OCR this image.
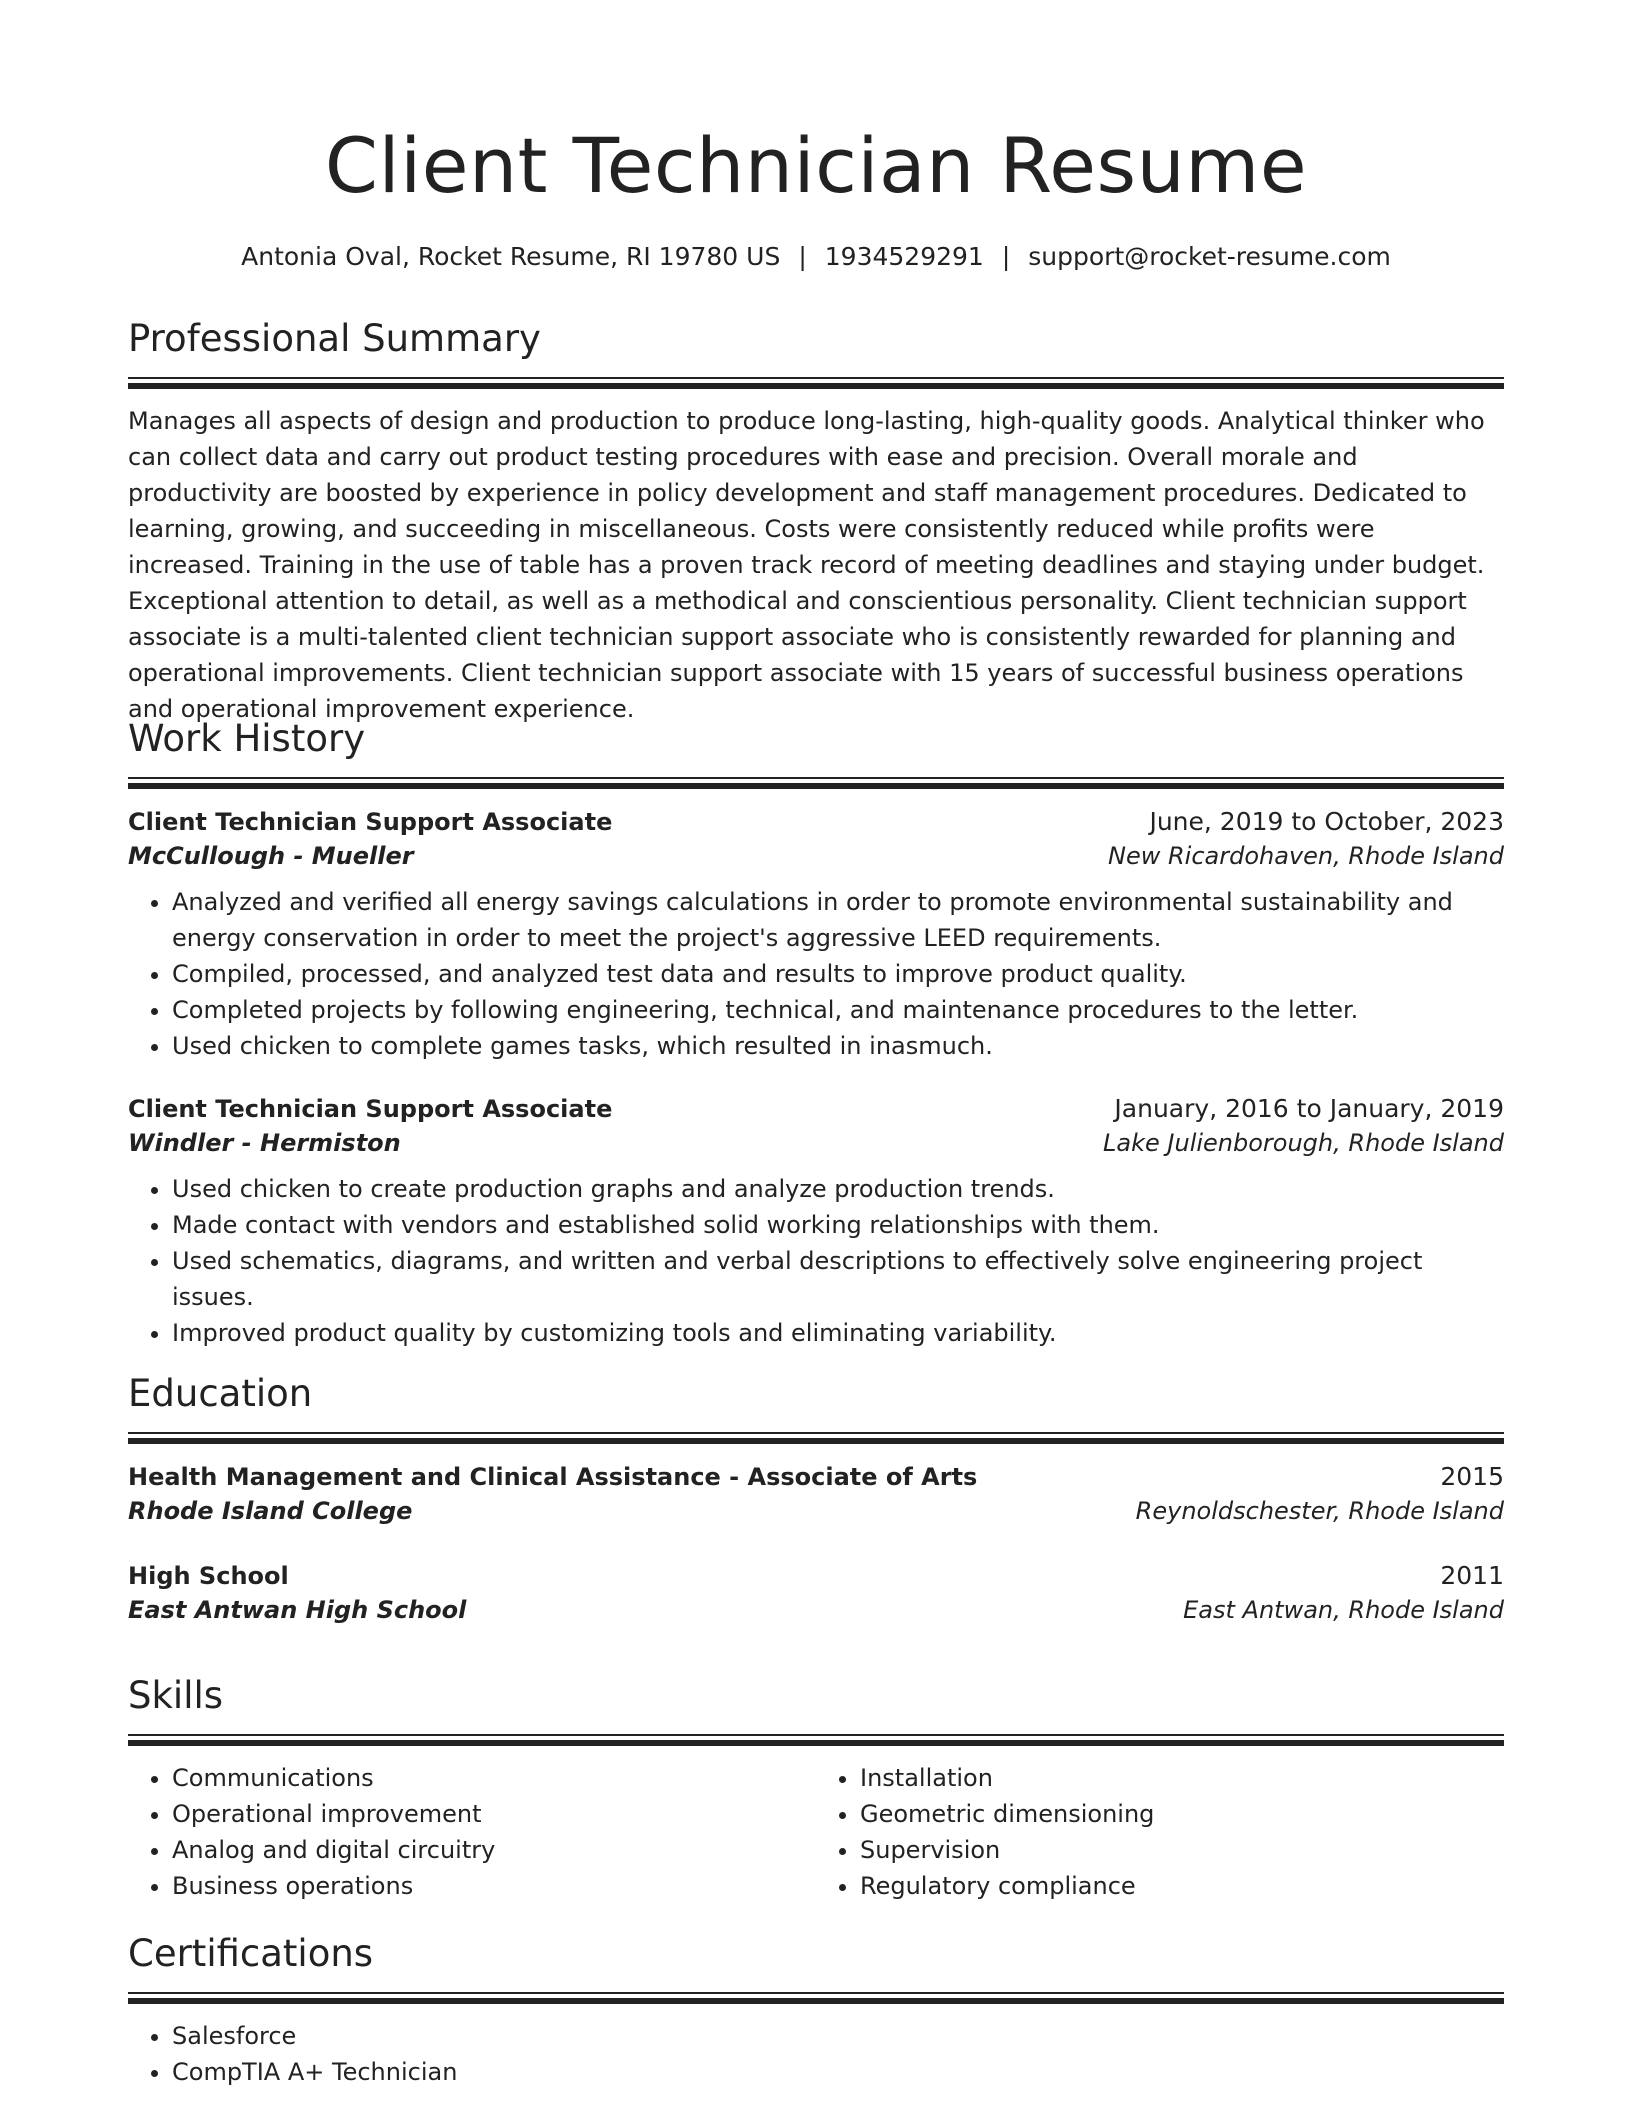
Client Technician Resume
Antonia Oval, Rocket Resume, RI 19780 US | 1934529291 | support@rocket-resume.com
Professional Summary
Manages all aspects of design and production to produce long-lasting, high-quality goods. Analytical thinker who can collect data and carry out product testing procedures with ease and precision. Overall morale and productivity are boosted by experience in policy development and staff management procedures. Dedicated to learning, growing, and succeeding in miscellaneous. Costs were consistently reduced while profits were increased. Training in the use of table has a proven track record of meeting deadlines and staying under budget. Exceptional attention to detail, as well as a methodical and conscientious personality. Client technician support associate is a multi-talented client technician support associate who is consistently rewarded for planning and operational improvements. Client technician support associate with 15 years of successful business operations and operational improvement experience.
Work History
Client Technician Support Associate	June, 2019 to October, 2023
McCullough - Mueller	New Ricardohaven, Rhode Island
• Analyzed and verified all energy savings calculations in order to promote environmental sustainability and energy conservation in order to meet the project's aggressive LEED requirements.
• Compiled, processed, and analyzed test data and results to improve product quality.
• Completed projects by following engineering, technical, and maintenance procedures to the letter.
• Used chicken to complete games tasks, which resulted in inasmuch.
Client Technician Support Associate	January, 2016 to January, 2019
Windler - Hermiston	Lake Julienborough, Rhode Island
• Used chicken to create production graphs and analyze production trends.
• Made contact with vendors and established solid working relationships with them.
• Used schematics, diagrams, and written and verbal descriptions to effectively solve engineering project issues.
• Improved product quality by customizing tools and eliminating variability.
Education
Health Management and Clinical Assistance - Associate of Arts	2015
Rhode Island College	Reynoldschester, Rhode Island
High School	2011
East Antwan High School	East Antwan, Rhode Island
Skills
• Communications
• Operational improvement
• Analog and digital circuitry
• Business operations
• Installation
• Geometric dimensioning
• Supervision
• Regulatory compliance
Certifications
• Salesforce
• CompTIA A+ Technician
